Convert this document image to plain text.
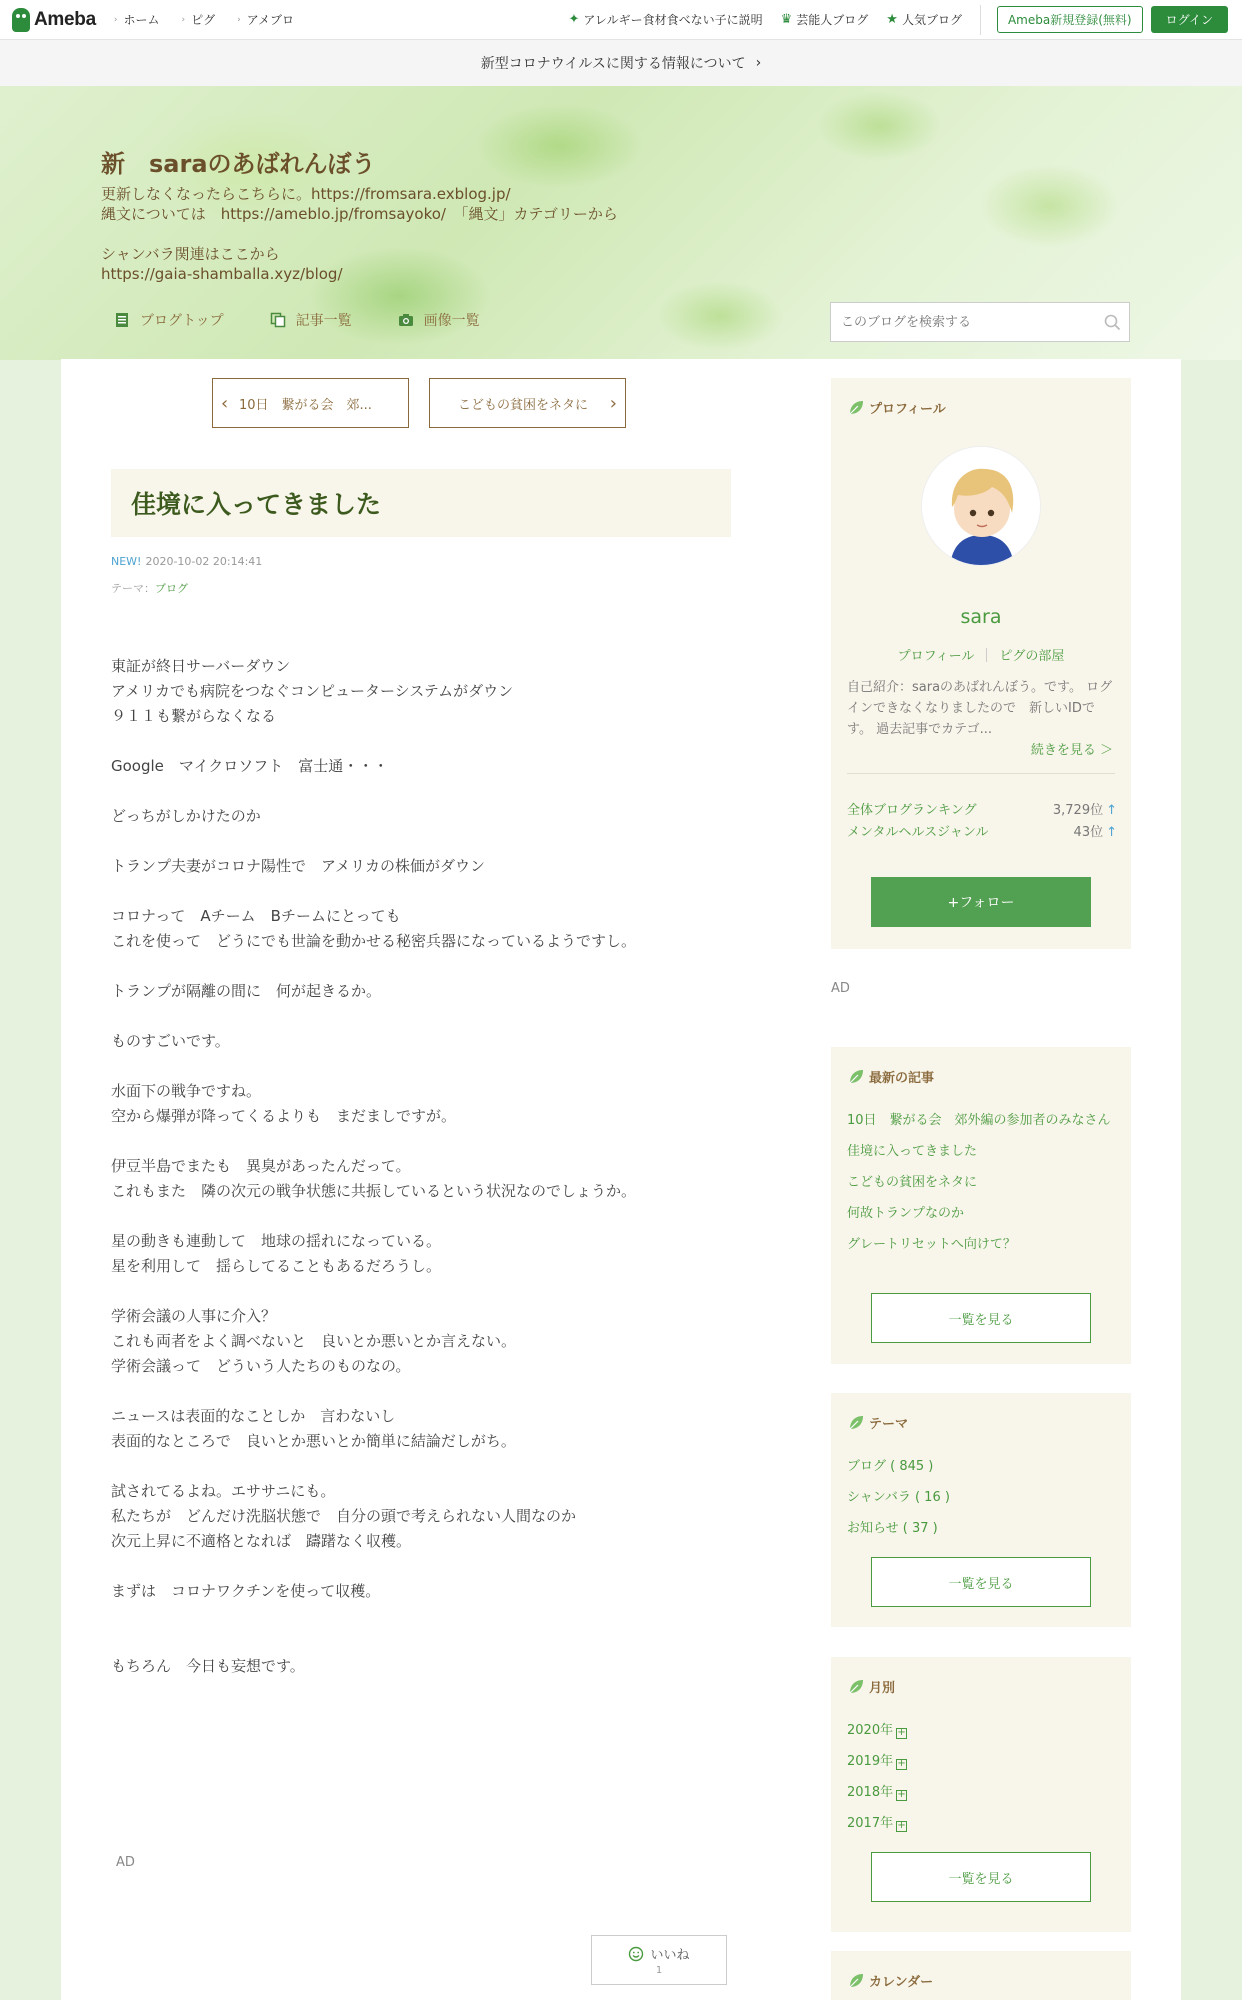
Ameba › ホーム › ピグ › アメブロ	✦ アレルギー食材食べない子に説明 ♛ 芸能人ブログ ★ 人気ブログ	Ameba新規登録(無料)	ログイン
新型コロナウイルスに関する情報について ›
新　saraのあばれんぼう
更新しなくなったらこちらに。https://fromsara.exblog.jp/
縄文については　https://ameblo.jp/fromsayoko/　「縄文」カテゴリーから
シャンバラ関連はここから
https://gaia-shamballa.xyz/blog/
ブログトップ	記事一覧	画像一覧
このブログを検索する
‹ 10日　繋がる会　郊...	こどもの貧困をネタに ›
佳境に入ってきました
NEW! 2020-10-02 20:14:41
テーマ：ブログ

東証が終日サーバーダウン

アメリカでも病院をつなぐコンピューターシステムがダウン

９１１も繋がらなくなる

Google　マイクロソフト　富士通・・・

どっちがしかけたのか

トランプ夫妻がコロナ陽性で　アメリカの株価がダウン

コロナって　Aチーム　Bチームにとっても

これを使って　どうにでも世論を動かせる秘密兵器になっているようですし。

トランプが隔離の間に　何が起きるか。

ものすごいです。

水面下の戦争ですね。

空から爆弾が降ってくるよりも　まだましですが。

伊豆半島でまたも　異臭があったんだって。

これもまた　隣の次元の戦争状態に共振しているという状況なのでしょうか。

星の動きも連動して　地球の揺れになっている。

星を利用して　揺らしてることもあるだろうし。

学術会議の人事に介入？

これも両者をよく調べないと　良いとか悪いとか言えない。

学術会議って　どういう人たちのものなの。

ニュースは表面的なことしか　言わないし

表面的なところで　良いとか悪いとか簡単に結論だしがち。

試されてるよね。エササニにも。

私たちが　どんだけ洗脳状態で　自分の頭で考えられない人間なのか

次元上昇に不適格となれば　躊躇なく収穫。

まずは　コロナワクチンを使って収穫。

もちろん　今日も妄想です。

AD
いいね
1
プロフィール
sara
プロフィール ピグの部屋
自己紹介：saraのあばれんぼう。です。 ログインできなくなりましたので　新しいIDです。 過去記事でカテゴ...
続きを見る ＞
全体ブログランキング	3,729位 ↑
メンタルヘルスジャンル	43位 ↑
+フォロー
AD
最新の記事
10日　繋がる会　郊外編の参加者のみなさん
佳境に入ってきました
こどもの貧困をネタに
何故トランプなのか
グレートリセットへ向けて？
一覧を見る
テーマ
ブログ ( 845 )
シャンバラ ( 16 )
お知らせ ( 37 )
一覧を見る
月別
2020年 +
2019年 +
2018年 +
2017年 +
一覧を見る
カレンダー
